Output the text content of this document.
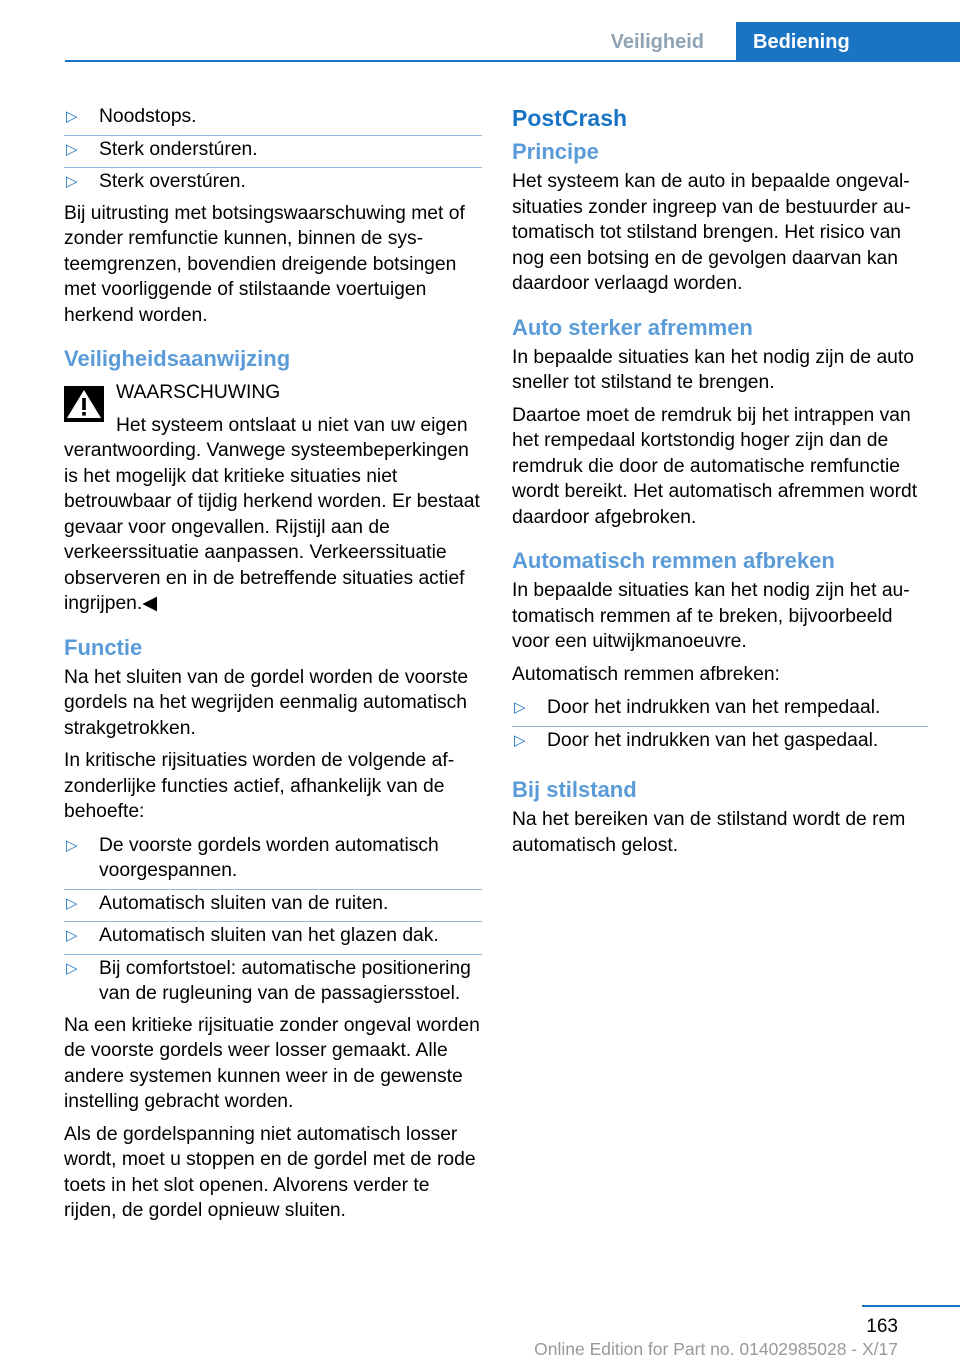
Veiligheid	Bediening
▷ Noodstops.
▷ Sterk onderstúren.
▷ Sterk overstúren.

Bij uitrusting met botsingswaarschuwing met of zonder remfunctie kunnen, binnen de systeemgrenzen, bovendien dreigende botsingen met voorliggende of stilstaande voertuigen herkend worden.

Veiligheidsaanwijzing
WAARSCHUWING
Het systeem ontslaat u niet van uw eigen verantwoording. Vanwege systeembeperkingen is het mogelijk dat kritieke situaties niet betrouwbaar of tijdig herkend worden. Er bestaat gevaar voor ongevallen. Rijstijl aan de verkeerssituatie aanpassen. Verkeerssituatie observeren en in de betreffende situaties actief ingrijpen.◀
Functie

Na het sluiten van de gordel worden de voorste gordels na het wegrijden eenmalig automatisch strakgetrokken.

In kritische rijsituaties worden de volgende afzonderlijke functies actief, afhankelijk van de behoefte:

▷ De voorste gordels worden automatisch voorgespannen.
▷ Automatisch sluiten van de ruiten.
▷ Automatisch sluiten van het glazen dak.
▷ Bij comfortstoel: automatische positionering van de rugleuning van de passagiersstoel.

Na een kritieke rijsituatie zonder ongeval worden de voorste gordels weer losser gemaakt. Alle andere systemen kunnen weer in de gewenste instelling gebracht worden.

Als de gordelspanning niet automatisch losser wordt, moet u stoppen en de gordel met de rode toets in het slot openen. Alvorens verder te rijden, de gordel opnieuw sluiten.

PostCrash
Principe

Het systeem kan de auto in bepaalde ongevalsituaties zonder ingreep van de bestuurder automatisch tot stilstand brengen. Het risico van nog een botsing en de gevolgen daarvan kan daardoor verlaagd worden.

Auto sterker afremmen

In bepaalde situaties kan het nodig zijn de auto sneller tot stilstand te brengen.

Daartoe moet de remdruk bij het intrappen van het rempedaal kortstondig hoger zijn dan de remdruk die door de automatische remfunctie wordt bereikt. Het automatisch afremmen wordt daardoor afgebroken.

Automatisch remmen afbreken

In bepaalde situaties kan het nodig zijn het automatisch remmen af te breken, bijvoorbeeld voor een uitwijkmanoeuvre.

Automatisch remmen afbreken:

▷ Door het indrukken van het rempedaal.
▷ Door het indrukken van het gaspedaal.
Bij stilstand

Na het bereiken van de stilstand wordt de rem automatisch gelost.

163
Online Edition for Part no. 01402985028 - X/17
